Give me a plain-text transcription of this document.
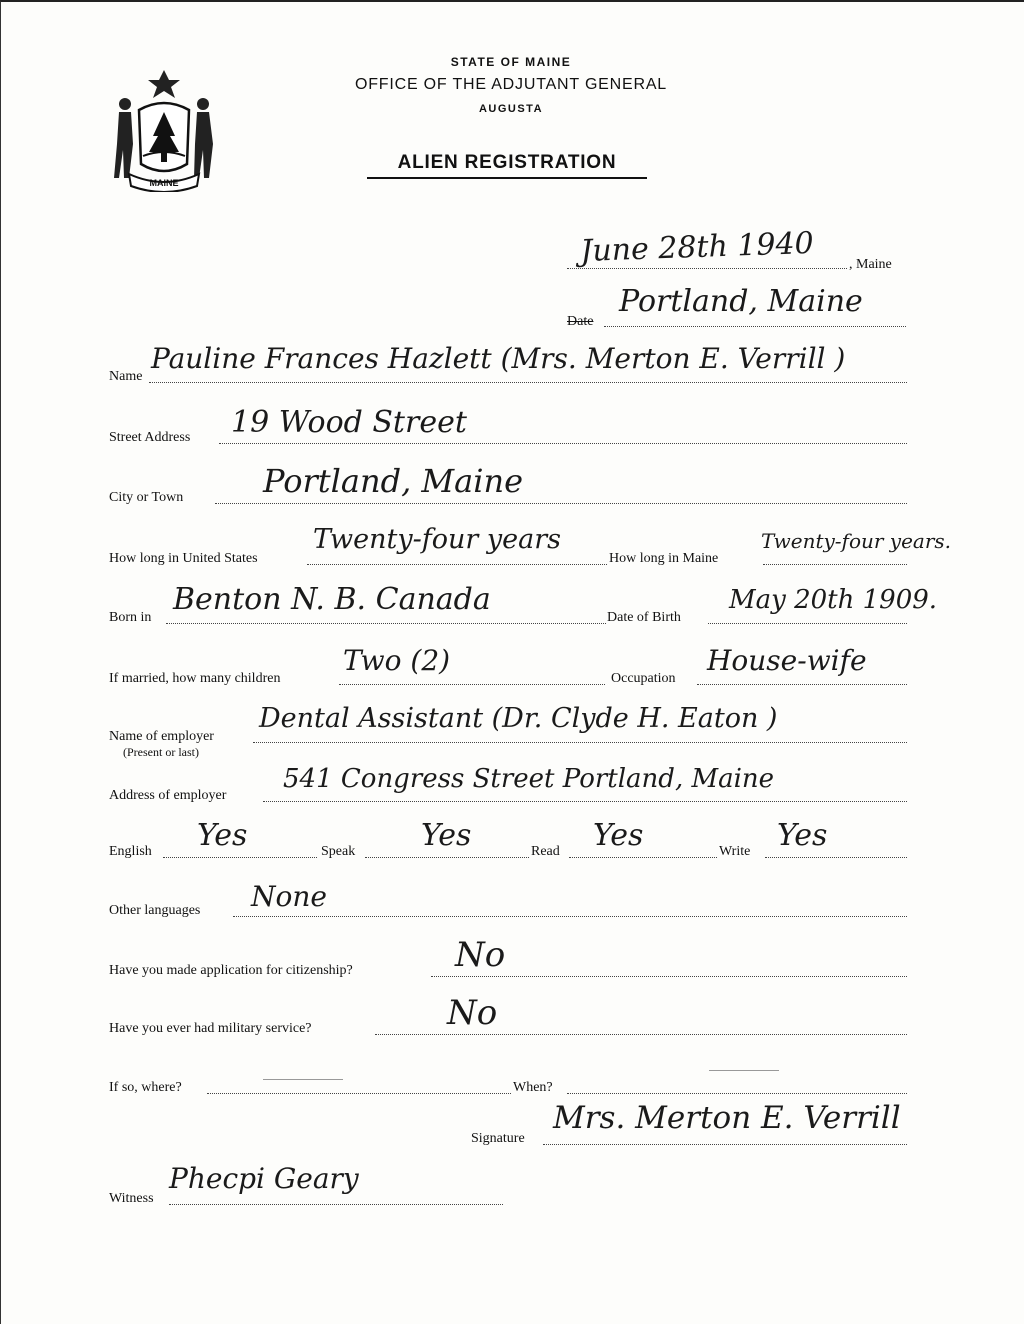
MAINE
STATE OF MAINE
OFFICE OF THE ADJUTANT GENERAL
AUGUSTA
ALIEN REGISTRATION
June 28th 1940 , Maine
Date
Portland, Maine
Name
Pauline Frances Hazlett (Mrs. Merton E. Verrill )
Street Address 19 Wood Street
City or Town Portland, Maine
How long in United States
Twenty-four years
How long in Maine
Twenty-four years.
Born in
Benton N. B. Canada
Date of Birth
May 20th 1909.
If married, how many children
Two (2)
Occupation
House-wife
Name of employer
(Present or last)
Dental Assistant (Dr. Clyde H. Eaton )
Address of employer
541 Congress Street Portland, Maine
English Yes	Speak Yes	Read Yes	Write Yes
Other languages None
Have you made application for citizenship?	No
Have you ever had military service?	No
If so, where?	When?
Signature
Mrs. Merton E. Verrill
Witness
Phecpi Geary
